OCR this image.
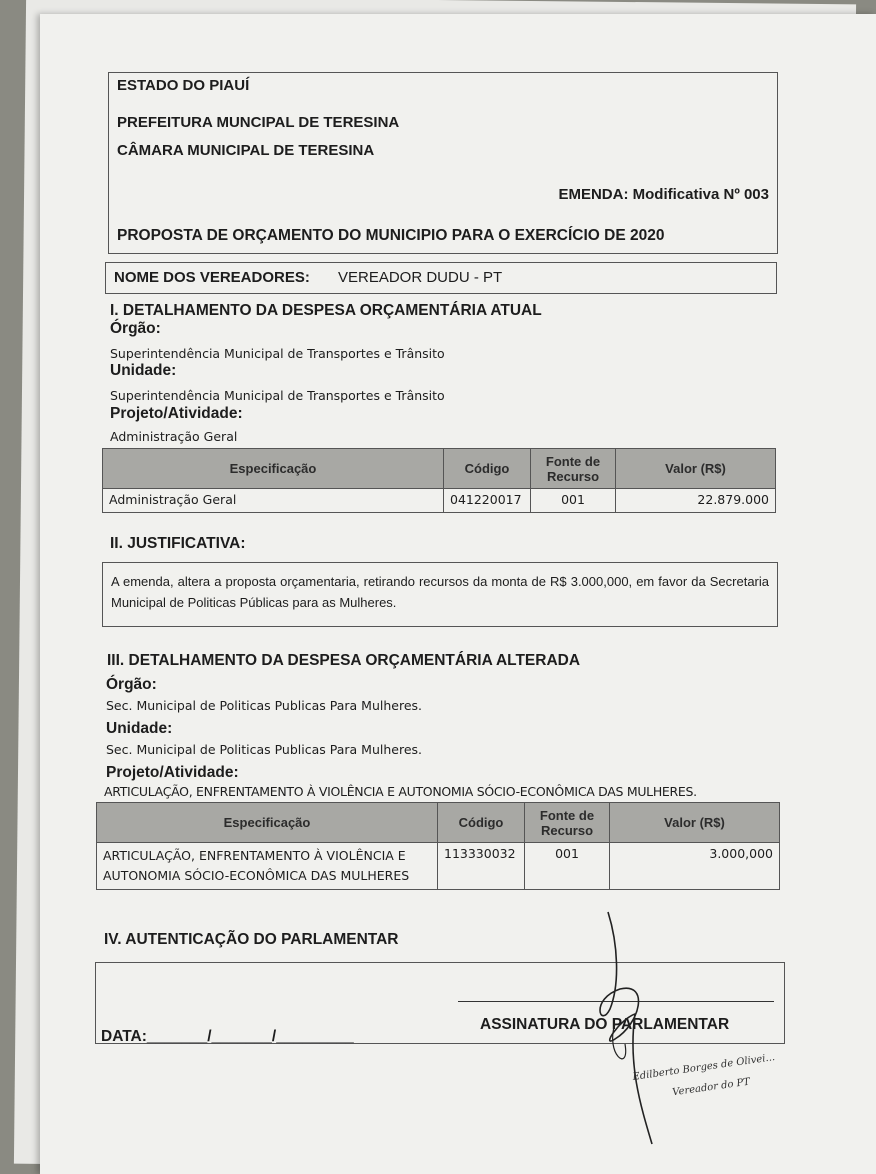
ESTADO DO PIAUÍ
PREFEITURA MUNCIPAL DE TERESINA
CÂMARA MUNICIPAL DE TERESINA
EMENDA: Modificativa Nº 003
PROPOSTA DE ORÇAMENTO DO MUNICIPIO PARA O EXERCÍCIO DE 2020
NOME DOS VEREADORES: VEREADOR DUDU - PT
I. DETALHAMENTO DA DESPESA ORÇAMENTÁRIA ATUAL
Órgão:
Superintendência Municipal de Transportes e Trânsito
Unidade:
Superintendência Municipal de Transportes e Trânsito
Projeto/Atividade:
Administração Geral
Especificação	Código	Fonte de Recurso	Valor (R$)
Administração Geral	041220017	001	22.879.000
II. JUSTIFICATIVA:
A emenda, altera a proposta orçamentaria, retirando recursos da monta de R$ 3.000,000, em favor da Secretaria Municipal de Politicas Públicas para as Mulheres.
III. DETALHAMENTO DA DESPESA ORÇAMENTÁRIA ALTERADA
Órgão:
Sec. Municipal de Politicas Publicas Para Mulheres.
Unidade:
Sec. Municipal de Politicas Publicas Para Mulheres.
Projeto/Atividade:
ARTICULAÇÃO, ENFRENTAMENTO À VIOLÊNCIA E AUTONOMIA SÓCIO-ECONÔMICA DAS MULHERES.
Especificação	Código	Fonte de Recurso	Valor (R$)
ARTICULAÇÃO, ENFRENTAMENTO À VIOLÊNCIA E AUTONOMIA SÓCIO-ECONÔMICA DAS MULHERES	113330032	001	3.000,000
IV. AUTENTICAÇÃO DO PARLAMENTAR
DATA:_______/_______/_________
ASSINATURA DO PARLAMENTAR
Edilberto Borges de Olivei...
Vereador do PT
